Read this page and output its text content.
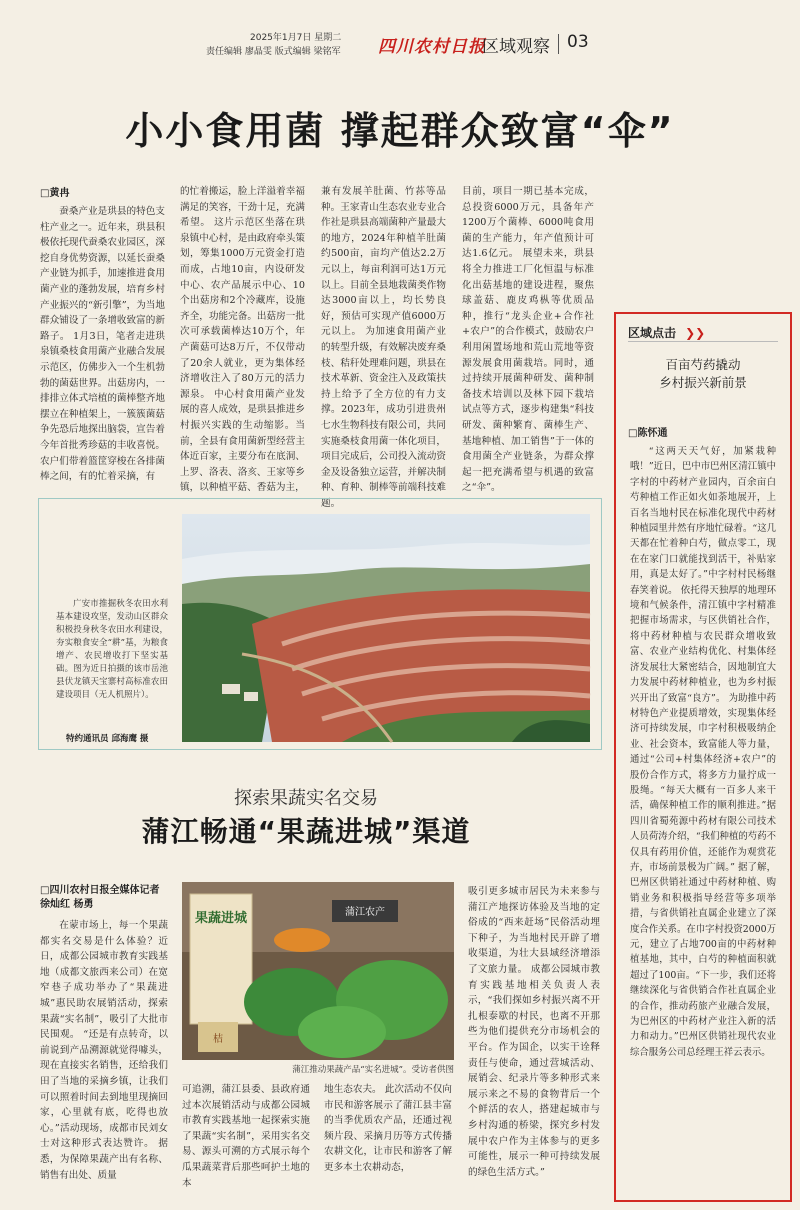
2025年1月7日 星期二
责任编辑 廖晶雯 版式编辑 梁铭军 四川农村日报
区域观察 03
小小食用菌 撑起群众致富“伞”
□黄冉

蚕桑产业是珙县的特色支柱产业之一。近年来，珙县积极依托现代蚕桑农业园区，深挖自身优势资源，以延长蚕桑产业链为抓手，加速推进食用菌产业的蓬勃发展，培育乡村产业振兴的“新引擎”，为当地群众铺设了一条增收致富的新路子。 1月3日，笔者走进珙泉镇桑枝食用菌产业融合发展示范区，仿佛步入一个生机勃勃的菌菇世界。出菇房内，一排排立体式培植的菌棒整齐地摆立在种植架上，一簇簇菌菇争先恐后地探出脑袋，宣告着今年首批秀珍菇的丰收喜悦。农户们带着篮筐穿梭在各排菌棒之间，有的忙着采摘，有

的忙着搬运，脸上洋溢着幸福满足的笑容，干劲十足，充满希望。 这片示范区坐落在珙泉镇中心村，是由政府牵头策划，筹集1000万元资金打造而成，占地10亩，内设研发中心、农产品展示中心、10个出菇房和2个冷藏库，设施齐全，功能完备。出菇房一批次可承载菌棒达10万个，年产菌菇可达8万斤，不仅带动了20余人就业，更为集体经济增收注入了80万元的活力源泉。 中心村食用菌产业发展的喜人成效，是珙县推进乡村振兴实践的生动缩影。当前，全县有食用菌新型经营主体近百家，主要分布在底洞、上罗、洛表、洛亥、王家等乡镇，以种植平菇、香菇为主，

兼有发展羊肚菌、竹荪等品种。王家青山生态农业专业合作社是珙县高端菌种产量最大的地方，2024年种植羊肚菌约500亩，亩均产值达2.2万元以上，每亩利润可达1万元以上。目前全县地栽菌类作物达3000亩以上，均长势良好，预估可实现产值6000万元以上。 为加速食用菌产业的转型升级，有效解决废弃桑枝、秸秆处理难问题，珙县在技术革新、资金注入及政策扶持上给予了全方位的有力支撑。2023年，成功引进贵州七水生物科技有限公司，共同实施桑枝食用菌一体化项目，项目完成后，公司投入流动资金及设备独立运营，并解决制种、育种、制棒等前端科技难题。

目前，项目一期已基本完成，总投资6000万元，具备年产1200万个菌棒、6000吨食用菌的生产能力，年产值预计可达1.6亿元。 展望未来，珙县将全力推进工厂化恒温与标准化出菇基地的建设进程，聚焦球盖菇、鹿皮鸡枞等优质品种，推行“龙头企业+合作社+农户”的合作模式，鼓励农户利用闲置场地和荒山荒地等资源发展食用菌栽培。同时，通过持续开展菌种研发、菌种制备技术培训以及林下园下栽培试点等方式，逐步构建集“科技研发、菌种繁育、菌棒生产、基地种植、加工销售”于一体的食用菌全产业链条，为群众撑起一把充满希望与机遇的致富之“伞”。

广安市推掘秋冬农田水利基本建设攻坚，发动山区群众积极投身秋冬农田水利建设，夯实粮食安全“耕”基，为粮食增产、农民增收打下坚实基础。图为近日拍摄的该市岳池县伏龙镇天宝寨村高标准农田建设项目（无人机照片）。
特约通讯员 邱海鹰 摄
探索果蔬实名交易
蒲江畅通“果蔬进城”渠道
□四川农村日报全媒体记者 徐灿红 杨勇

在蒙市场上，每一个果蔬都实名交易是什么体验？近日，成都公园城市教育实践基地（成都文旅西来公司）在宽窄巷子成功举办了“果蔬进城”惠民助农展销活动，探索果蔬“实名制”，吸引了大批市民围观。 “还是有点转奇，以前说到产品溯源就觉得噱头，现在直接实名销售，还给我们田了当地的采摘乡镇，让我们可以照着时间去到地里现摘回家，心里就有底，吃得也放心。”活动现场，成都市民刘女士对这种形式表达赞许。 据悉，为保障果蔬产出有名称、销售有出处、质量

果蔬进城	蒲江农产
桔
蒲江推动果蔬产品“实名进城”。受访者供图

可追溯，蒲江县委、县政府通过本次展销活动与成都公园城市教育实践基地一起探索实施了果蔬“实名制”，采用实名交易、源头可溯的方式展示每个瓜果蔬菜背后那些呵护土地的本

地生态农夫。 此次活动不仅向市民和游客展示了蒲江县丰富的当季优质农产品，还通过视频片段、采摘月历等方式传播农耕文化，让市民和游客了解更多本土农耕动态，

吸引更多城市居民为未来参与蒲江产地探访体验及当地的定俗成的“西来赶场”民俗活动埋下种子，为当地村民开辟了增收渠道，为壮大县域经济增添了文旅力量。 成都公园城市教育实践基地相关负责人表示，“我们探如乡村振兴离不开扎根泰歇的村民，也离不开那些为他们提供充分市场机会的平台。作为国企，以实干诠释责任与使命，通过营城活动、展销会、纪录片等多种形式来展示来之不易的食物背后一个个鲜活的农人，搭建起城市与乡村沟通的桥梁，探究乡村发展中农户作为主体参与的更多可能性，展示一种可持续发展的绿色生活方式。”

区域点击 ❯❯
百亩芍药撬动
乡村振兴新前景
□陈怀通

“这两天天气好，加紧栽种哦！”近日，巴中市巴州区清江镇中字村的中药材产业园内，百余亩白芍种植工作正如火如荼地展开，上百名当地村民在标准化现代中药材种植园里井然有序地忙碌着。“这几天都在忙着种白芍，做点零工，现在在家门口就能找到活干，补贴家用，真是太好了。”中字村村民杨继春笑着说。 依托得天独厚的地理环境和气候条件，清江镇中字村精准把握市场需求，与区供销社合作，将中药材种植与农民群众增收致富、农业产业结构优化、村集体经济发展壮大紧密结合，因地制宜大力发展中药材种植业，也为乡村振兴开出了致富“良方”。 为助推中药材特色产业提质增效，实现集体经济可持续发展，巾字村积极吸纳企业、社会资本，致富能人等力量，通过“公司+村集体经济+农户”的股份合作方式，将多方力量拧成一股绳。“每天大概有一百多人来干活，确保种植工作的顺利推进。”据四川省蜀苑源中药材有限公司技术人员荷涛介绍，“我们种植的芍药不仅具有药用价值，还能作为观赏花卉，市场前景极为广阔。” 据了解，巴州区供销社通过中药材种植、购销业务和积极指导经营等多项举措，与省供销社直属企业建立了深度合作关系。在巾字村投资2000万元，建立了占地700亩的中药材种植基地，其中，白芍的种植面积就超过了100亩。“下一步，我们还将继续深化与省供销合作社直属企业的合作，推动药旅产业融合发展，为巴州区的中药材产业注入新的活力和动力。”巴州区供销社现代农业综合服务公司总经理王祥云表示。
